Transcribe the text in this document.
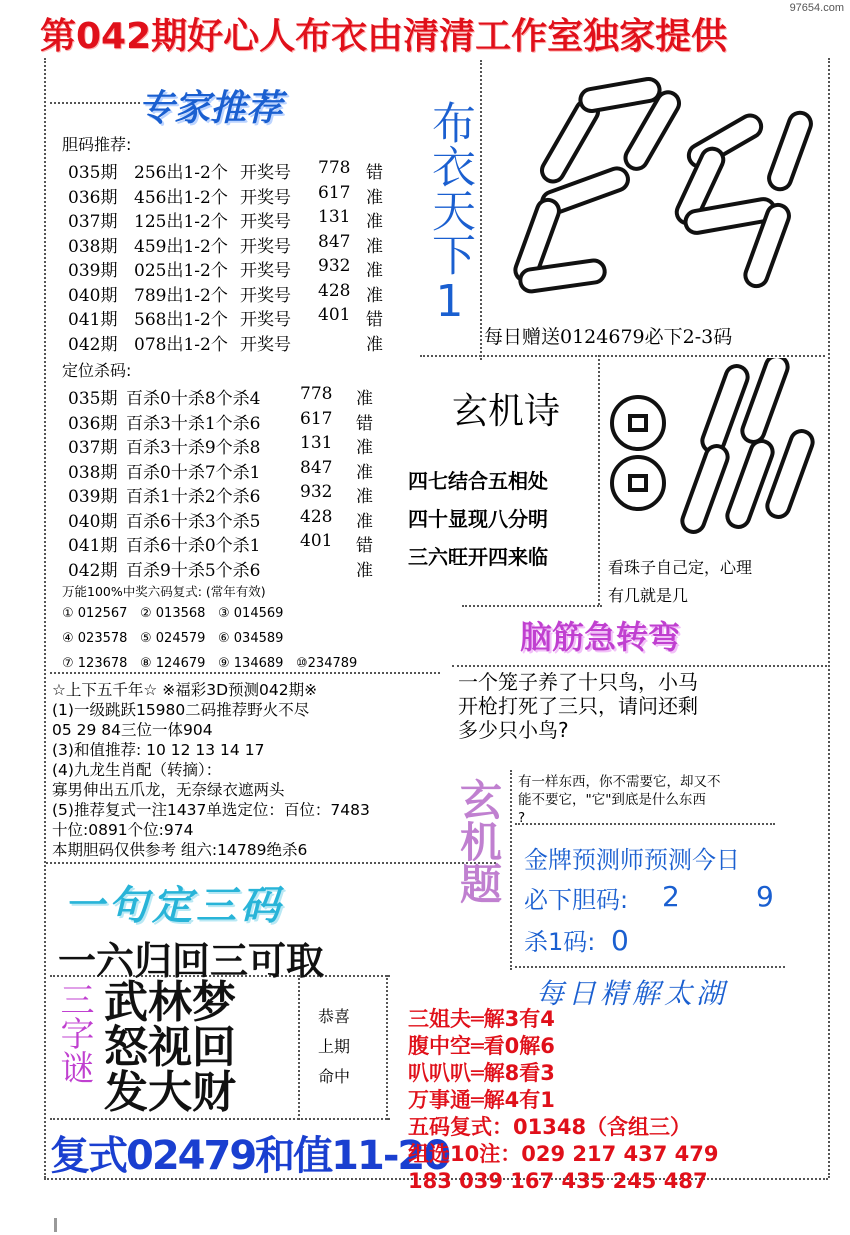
97654.com
第042期好心人布衣由清清工作室独家提供
专家推荐
胆码推荐:
035期 256出1-2个 开奖号 778 错
036期 456出1-2个 开奖号 617 准
037期 125出1-2个 开奖号 131 准
038期 459出1-2个 开奖号 847 准
039期 025出1-2个 开奖号 932 准
040期 789出1-2个 开奖号 428 准
041期 568出1-2个 开奖号 401 错
042期 078出1-2个 开奖号	准
定位杀码:
035期 百杀0十杀8个杀4 778 准
036期 百杀3十杀1个杀6 617 错
037期 百杀3十杀9个杀8 131 准
038期 百杀0十杀7个杀1 847 准
039期 百杀1十杀2个杀6 932 准
040期 百杀6十杀3个杀5 428 准
041期 百杀6十杀0个杀1 401 错
042期 百杀9十杀5个杀6	准
万能100%中奖六码复式: (常年有效)
① 012567 ② 013568 ③ 014569
④ 023578 ⑤ 024579 ⑥ 034589
⑦ 123678 ⑧ 124679 ⑨ 134689 ⑩234789
布衣天下1
每日赠送0124679必下2-3码
玄机诗
四七结合五相处
四十显现八分明
三六旺开四来临	看珠子自己定，心理
有几就是几
脑筋急转弯
一个笼子养了十只鸟，小马
开枪打死了三只，请问还剩
多少只小鸟?
☆上下五千年☆ ※福彩3D预测042期※
(1)一级跳跃15980二码推荐野火不尽
05 29 84三位一体904
(3)和值推荐: 10 12 13 14 17
(4)九龙生肖配（转摘）：
寡男伸出五爪龙，无奈绿衣遮两头
(5)推荐复式一注1437单选定位：百位：7483
十位:0891个位:974
本期胆码仅供参考 组六:14789绝杀6	玄机题 有一样东西，你不需要它，却又不
能不要它，"它"到底是什么东西
?
金牌预测师预测今日
必下胆码: 2	9
杀1码: 0
一句定三码
一六归回三可取
三字谜 武林梦
怒视回
发大财
恭喜
上期
命中
复式02479和值11-20
每日精解太湖
三姐夫═解3有4
腹中空═看0解6
叭叭叭═解8看3
万事通═解4有1
五码复式：01348（含组三）
组选10注：029 217 437 479
183 039 167 435 245 487
